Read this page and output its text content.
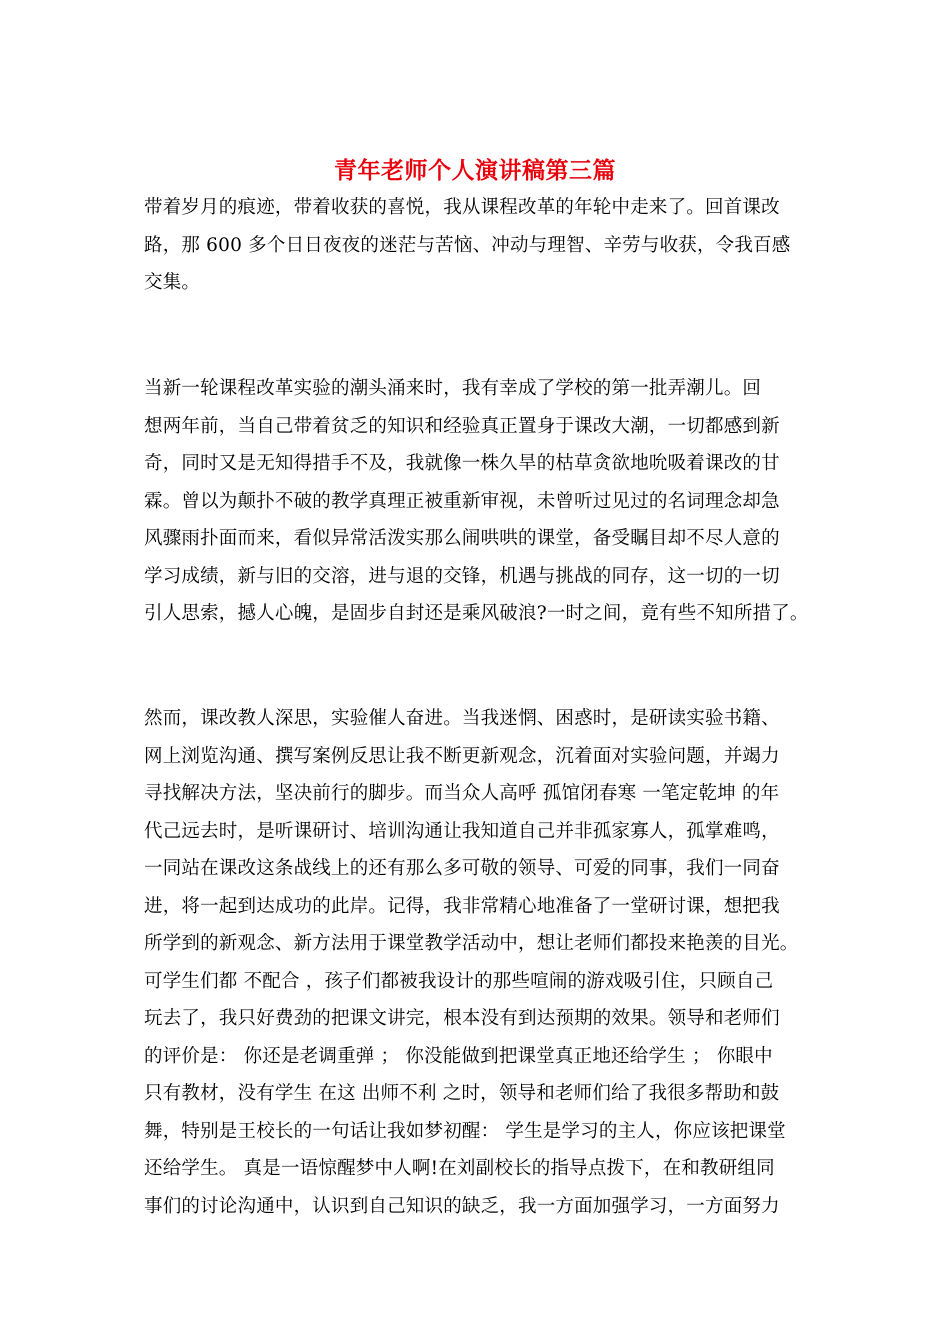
青年老师个人演讲稿第三篇
带着岁月的痕迹，带着收获的喜悦，我从课程改革的年轮中走来了。回首课改
路，那 600 多个日日夜夜的迷茫与苦恼、冲动与理智、辛劳与收获，令我百感
交集。
当新一轮课程改革实验的潮头涌来时，我有幸成了学校的第一批弄潮儿。回
想两年前，当自己带着贫乏的知识和经验真正置身于课改大潮，一切都感到新
奇，同时又是无知得措手不及，我就像一株久旱的枯草贪欲地吮吸着课改的甘
霖。曾以为颠扑不破的教学真理正被重新审视，未曾听过见过的名词理念却急
风骤雨扑面而来，看似异常活泼实那么闹哄哄的课堂，备受瞩目却不尽人意的
学习成绩，新与旧的交溶，进与退的交锋，机遇与挑战的同存，这一切的一切
引人思索，撼人心魄，是固步自封还是乘风破浪?一时之间，竟有些不知所措了。
然而，课改教人深思，实验催人奋进。当我迷惘、困惑时，是研读实验书籍、
网上浏览沟通、撰写案例反思让我不断更新观念，沉着面对实验问题，并竭力
寻找解决方法，坚决前行的脚步。而当众人高呼 孤馆闭春寒 一笔定乾坤 的年
代己远去时，是听课研讨、培训沟通让我知道自己并非孤家寡人，孤掌难鸣，
一同站在课改这条战线上的还有那么多可敬的领导、可爱的同事，我们一同奋
进，将一起到达成功的此岸。记得，我非常精心地准备了一堂研讨课，想把我
所学到的新观念、新方法用于课堂教学活动中，想让老师们都投来艳羡的目光。
可学生们都 不配合 ，孩子们都被我设计的那些喧闹的游戏吸引住，只顾自己
玩去了，我只好费劲的把课文讲完，根本没有到达预期的效果。领导和老师们
的评价是： 你还是老调重弹 ； 你没能做到把课堂真正地还给学生 ； 你眼中
只有教材，没有学生 在这 出师不利 之时，领导和老师们给了我很多帮助和鼓
舞，特别是王校长的一句话让我如梦初醒： 学生是学习的主人，你应该把课堂
还给学生。 真是一语惊醒梦中人啊!在刘副校长的指导点拨下，在和教研组同
事们的讨论沟通中，认识到自己知识的缺乏，我一方面加强学习，一方面努力
